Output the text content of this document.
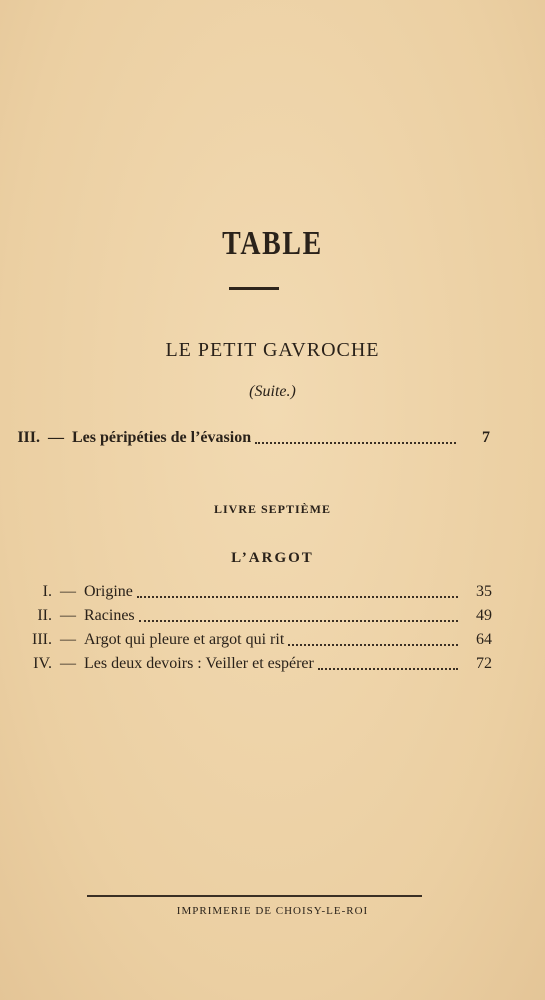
TABLE
LE PETIT GAVROCHE
(Suite.)
III. — Les péripéties de l’évasion	7
LIVRE SEPTIÈME
L’ARGOT
I. — Origine	35
II. — Racines	49
III. — Argot qui pleure et argot qui rit	64
IV. — Les deux devoirs : Veiller et espérer	72
IMPRIMERIE DE CHOISY-LE-ROI
